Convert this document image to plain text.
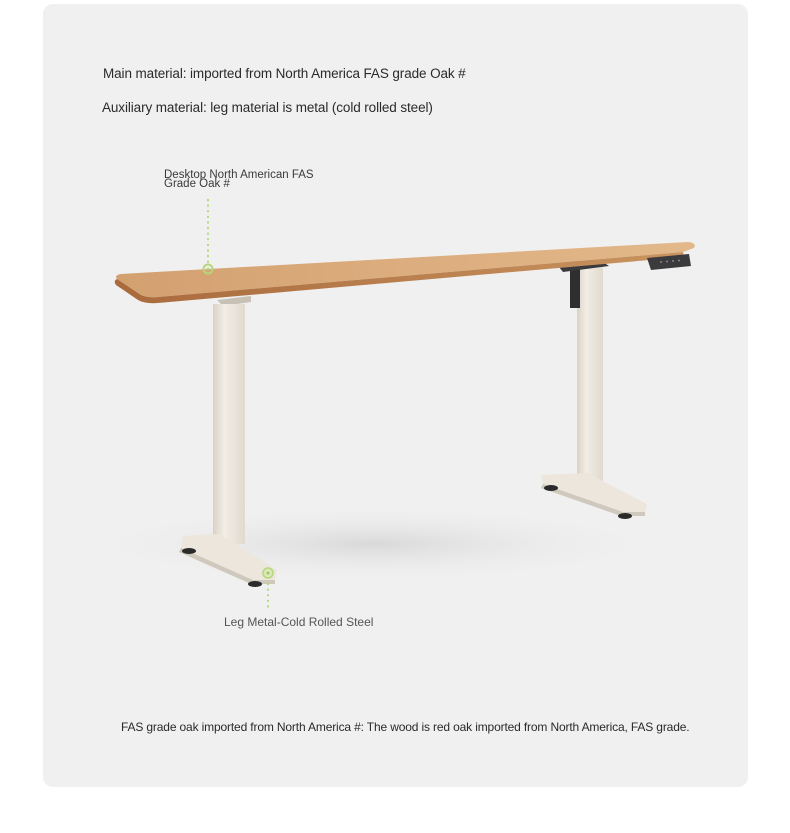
Main material: imported from North America FAS grade Oak #
Auxiliary material: leg material is metal (cold rolled steel)
Desktop North American FAS
Grade Oak #
Leg Metal-Cold Rolled Steel
FAS grade oak imported from North America #: The wood is red oak imported from North America, FAS grade.
